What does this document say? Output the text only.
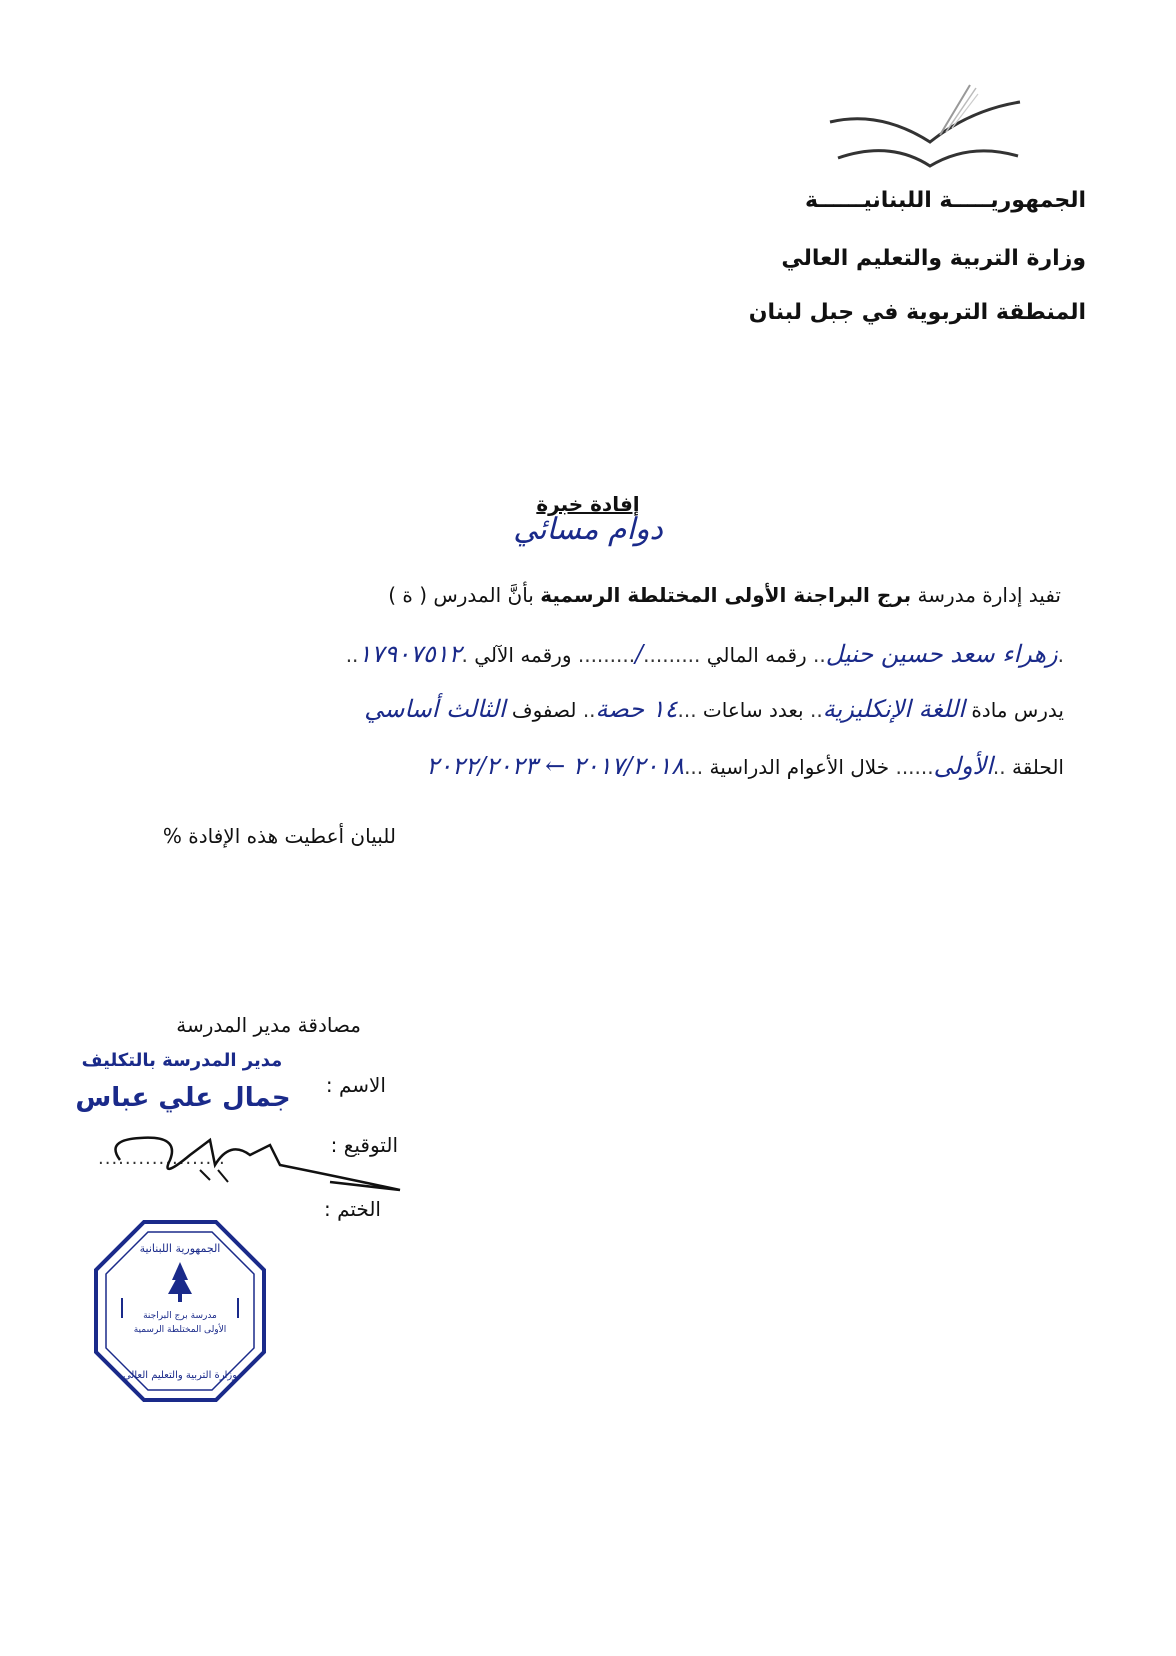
الجمهوريـــــة اللبنانيــــــة
وزارة التربية والتعليم العالي
المنطقة التربوية في جبل لبنان
إفادة خبرة
دوام مسائي
تفيد إدارة مدرسة برج البراجنة الأولى المختلطة الرسمية بأنَّ المدرس ( ة )
.زهراء سعد حسين حنيل.. رقمه المالي ........./......... ورقمه الآلي .١٧٩٠٧٥١٢..
يدرس مادة اللغة الإنكليزية.. بعدد ساعات ...١٤ حصة.. لصفوف الثالث أساسي
الحلقة ..الأولى...... خلال الأعوام الدراسية ...٢٠١٧/٢٠١٨ ← ٢٠٢٢/٢٠٢٣
للبيان أعطيت هذه الإفادة %
مصادقة مدير المدرسة
الاسم :
مدير المدرسة بالتكليف
جمال علي عباس
التوقيع :
...................
الختم :
الجمهورية اللبنانية
مدرسة برج البراجنة
الأولى المختلطة الرسمية
وزارة التربية والتعليم العالي
